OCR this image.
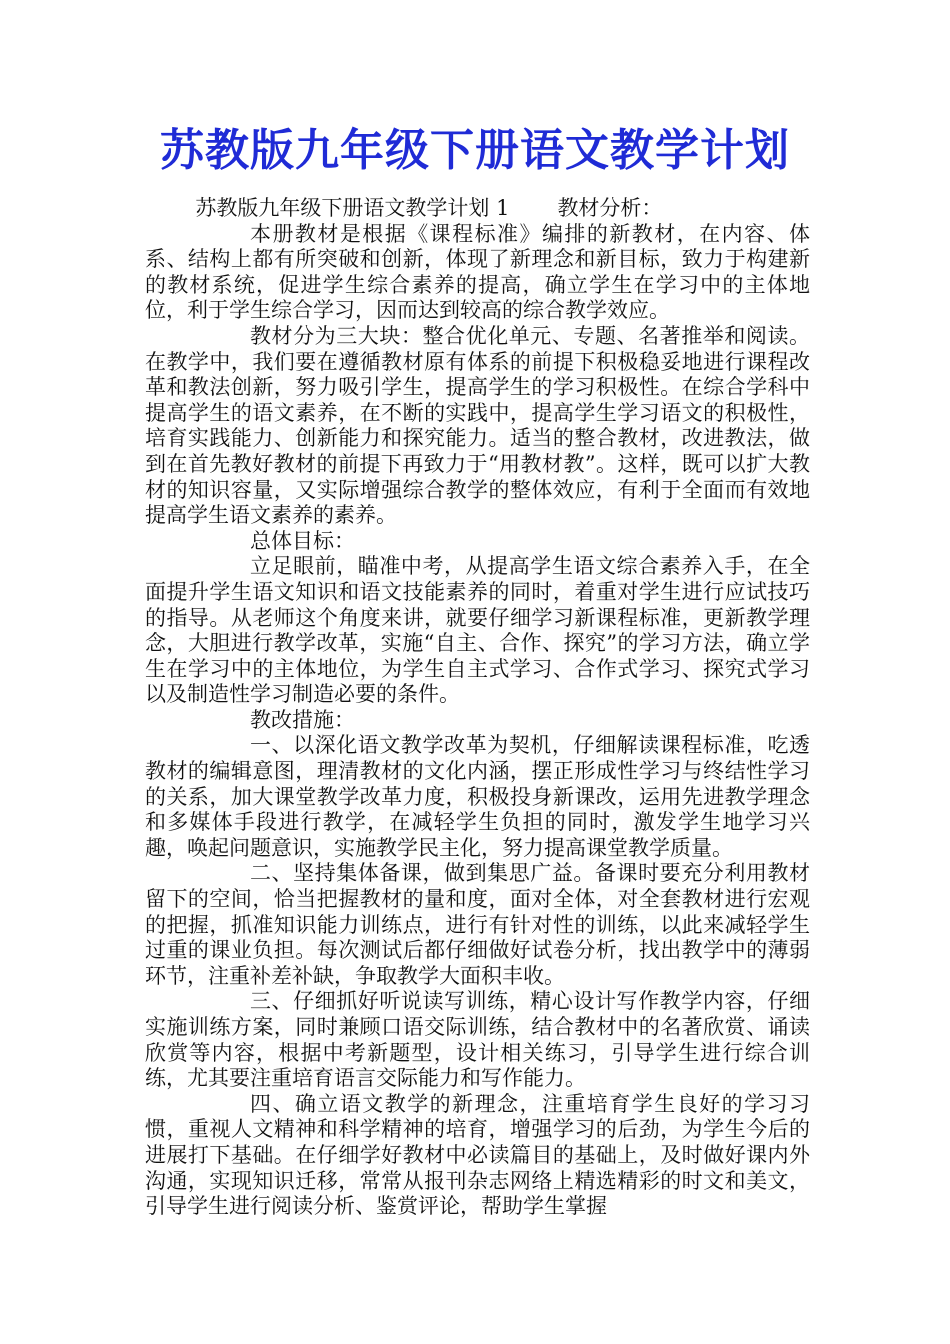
苏教版九年级下册语文教学计划

苏教版九年级下册语文教学计划 1 教材分析：

本册教材是根据《课程标准》编排的新教材，在内容、体系、结构上都有所突破和创新，体现了新理念和新目标，致力于构建新的教材系统，促进学生综合素养的提高，确立学生在学习中的主体地位，利于学生综合学习，因而达到较高的综合教学效应。

教材分为三大块：整合优化单元、专题、名著推举和阅读。在教学中，我们要在遵循教材原有体系的前提下积极稳妥地进行课程改革和教法创新，努力吸引学生，提高学生的学习积极性。在综合学科中提高学生的语文素养，在不断的实践中，提高学生学习语文的积极性，培育实践能力、创新能力和探究能力。适当的整合教材，改进教法，做到在首先教好教材的前提下再致力于“用教材教”。这样，既可以扩大教材的知识容量，又实际增强综合教学的整体效应，有利于全面而有效地提高学生语文素养的素养。

总体目标：

立足眼前，瞄准中考，从提高学生语文综合素养入手，在全面提升学生语文知识和语文技能素养的同时，着重对学生进行应试技巧的指导。从老师这个角度来讲，就要仔细学习新课程标准，更新教学理念，大胆进行教学改革，实施“自主、合作、探究”的学习方法，确立学生在学习中的主体地位，为学生自主式学习、合作式学习、探究式学习以及制造性学习制造必要的条件。

教改措施：

一、以深化语文教学改革为契机，仔细解读课程标准，吃透教材的编辑意图，理清教材的文化内涵，摆正形成性学习与终结性学习的关系，加大课堂教学改革力度，积极投身新课改，运用先进教学理念和多媒体手段进行教学，在减轻学生负担的同时，激发学生地学习兴趣，唤起问题意识，实施教学民主化，努力提高课堂教学质量。

二、坚持集体备课，做到集思广益。备课时要充分利用教材留下的空间，恰当把握教材的量和度，面对全体，对全套教材进行宏观的把握，抓准知识能力训练点，进行有针对性的训练，以此来减轻学生过重的课业负担。每次测试后都仔细做好试卷分析，找出教学中的薄弱环节，注重补差补缺，争取教学大面积丰收。

三、仔细抓好听说读写训练，精心设计写作教学内容，仔细实施训练方案，同时兼顾口语交际训练，结合教材中的名著欣赏、诵读欣赏等内容，根据中考新题型，设计相关练习，引导学生进行综合训练，尤其要注重培育语言交际能力和写作能力。

四、确立语文教学的新理念，注重培育学生良好的学习习惯，重视人文精神和科学精神的培育，增强学习的后劲，为学生今后的进展打下基础。在仔细学好教材中必读篇目的基础上，及时做好课内外沟通，实现知识迁移，常常从报刊杂志网络上精选精彩的时文和美文，引导学生进行阅读分析、鉴赏评论，帮助学生掌握
